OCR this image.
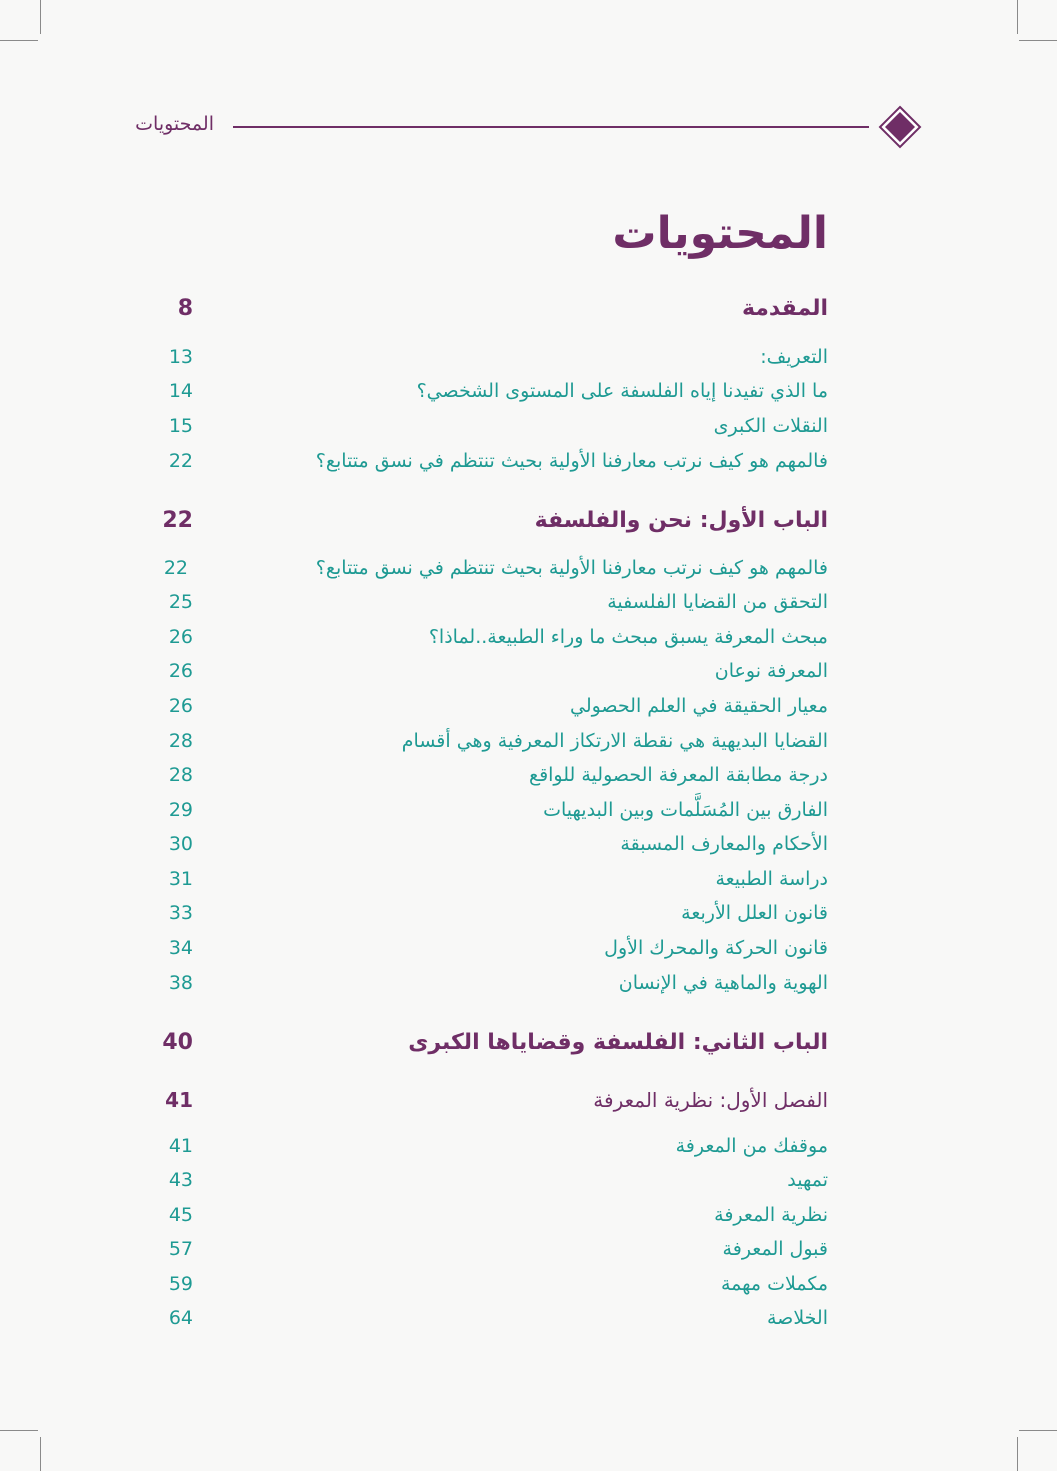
المحتويات
المحتويات
المقدمة
8
التعريف:
13
ما الذي تفيدنا إياه الفلسفة على المستوى الشخصي؟
14
النقلات الكبرى
15
فالمهم هو كيف نرتب معارفنا الأولية بحيث تنتظم في نسق متتابع؟
22
الباب الأول: نحن والفلسفة
22
فالمهم هو كيف نرتب معارفنا الأولية بحيث تنتظم في نسق متتابع؟
22
التحقق من القضايا الفلسفية
25
مبحث المعرفة يسبق مبحث ما وراء الطبيعة..لماذا؟
26
المعرفة نوعان
26
معيار الحقيقة في العلم الحصولي
26
القضايا البديهية هي نقطة الارتكاز المعرفية وهي أقسام
28
درجة مطابقة المعرفة الحصولية للواقع
28
الفارق بين المُسَلَّمات وبين البديهيات
29
الأحكام والمعارف المسبقة
30
دراسة الطبيعة
31
قانون العلل الأربعة
33
قانون الحركة والمحرك الأول
34
الهوية والماهية في الإنسان
38
الباب الثاني: الفلسفة وقضاياها الكبرى
40
الفصل الأول: نظرية المعرفة
41
موقفك من المعرفة
41
تمهيد
43
نظرية المعرفة
45
قبول المعرفة
57
مكملات مهمة
59
الخلاصة
64
